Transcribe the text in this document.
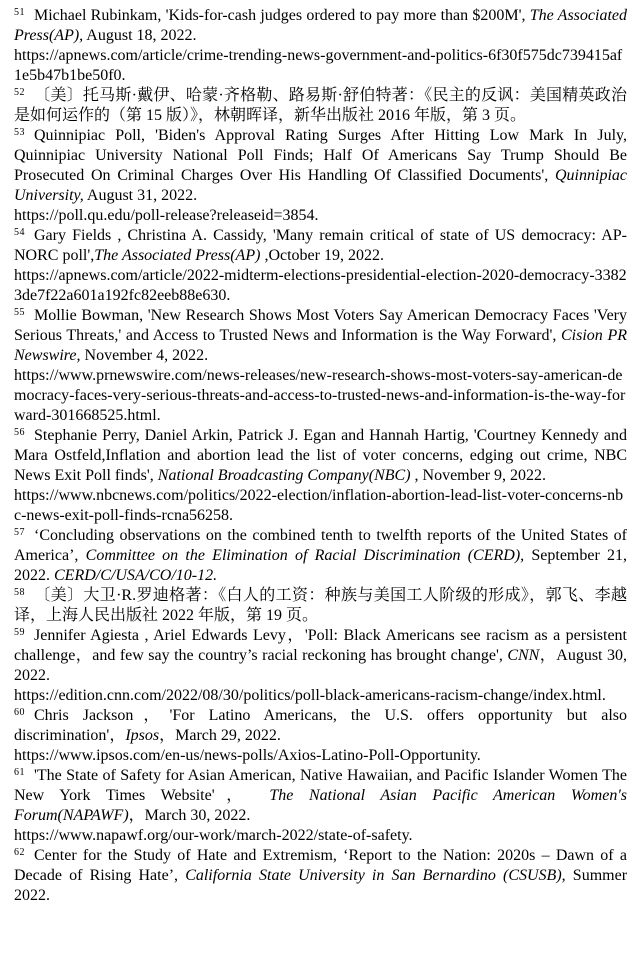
$^{51}$ Michael Rubinkam, 'Kids-for-cash judges ordered to pay more than $200M', The Associated Press(AP), August 18, 2022.

https://apnews.com/article/crime-trending-news-government-and-politics-6f30f575dc739415af1e5b47b1be50f0.

$^{52}$ 〔美〕托马斯·戴伊、哈蒙·齐格勒、路易斯·舒伯特著：《民主的反讽：美国精英政治是如何运作的（第 15 版）》，林朝晖译，新华出版社 2016 年版，第 3 页。

$^{53}$ Quinnipiac Poll, 'Biden's Approval Rating Surges After Hitting Low Mark In July, Quinnipiac University National Poll Finds; Half Of Americans Say Trump Should Be Prosecuted On Criminal Charges Over His Handling Of Classified Documents', Quinnipiac University, August 31, 2022.

https://poll.qu.edu/poll-release?releaseid=3854.

$^{54}$ Gary Fields , Christina A. Cassidy, 'Many remain critical of state of US democracy: AP-NORC poll',The Associated Press(AP) ,October 19, 2022.

https://apnews.com/article/2022-midterm-elections-presidential-election-2020-democracy-33823de7f22a601a192fc82eeb88e630.

$^{55}$ Mollie Bowman, 'New Research Shows Most Voters Say American Democracy Faces 'Very Serious Threats,' and Access to Trusted News and Information is the Way Forward', Cision PR Newswire, November 4, 2022.

https://www.prnewswire.com/news-releases/new-research-shows-most-voters-say-american-democracy-faces-very-serious-threats-and-access-to-trusted-news-and-information-is-the-way-forward-301668525.html.

$^{56}$ Stephanie Perry, Daniel Arkin, Patrick J. Egan and Hannah Hartig, 'Courtney Kennedy and Mara Ostfeld,Inflation and abortion lead the list of voter concerns, edging out crime, NBC News Exit Poll finds', National Broadcasting Company(NBC) , November 9, 2022.

https://www.nbcnews.com/politics/2022-election/inflation-abortion-lead-list-voter-concerns-nbc-news-exit-poll-finds-rcna56258.

$^{57}$ ‘Concluding observations on the combined tenth to twelfth reports of the United States of America’, Committee on the Elimination of Racial Discrimination (CERD), September 21, 2022. CERD/C/USA/CO/10-12.

$^{58}$ 〔美〕大卫·R.罗迪格著：《白人的工资：种族与美国工人阶级的形成》，郭飞、李越译，上海人民出版社 2022 年版，第 19 页。

$^{59}$ Jennifer Agiesta , Ariel Edwards Levy，'Poll: Black Americans see racism as a persistent challenge，and few say the country’s racial reckoning has brought change', CNN，August 30, 2022.

https://edition.cnn.com/2022/08/30/politics/poll-black-americans-racism-change/index.html.

$^{60}$ Chris Jackson，'For Latino Americans, the U.S. offers opportunity but also discrimination'，Ipsos，March 29, 2022.

https://www.ipsos.com/en-us/news-polls/Axios-Latino-Poll-Opportunity.

$^{61}$ 'The State of Safety for Asian American, Native Hawaiian, and Pacific Islander Women The New York Times Website'， The National Asian Pacific American Women's Forum(NAPAWF)，March 30, 2022.

https://www.napawf.org/our-work/march-2022/state-of-safety.

$^{62}$ Center for the Study of Hate and Extremism, ‘Report to the Nation: 2020s – Dawn of a Decade of Rising Hate’, California State University in San Bernardino (CSUSB), Summer 2022.
